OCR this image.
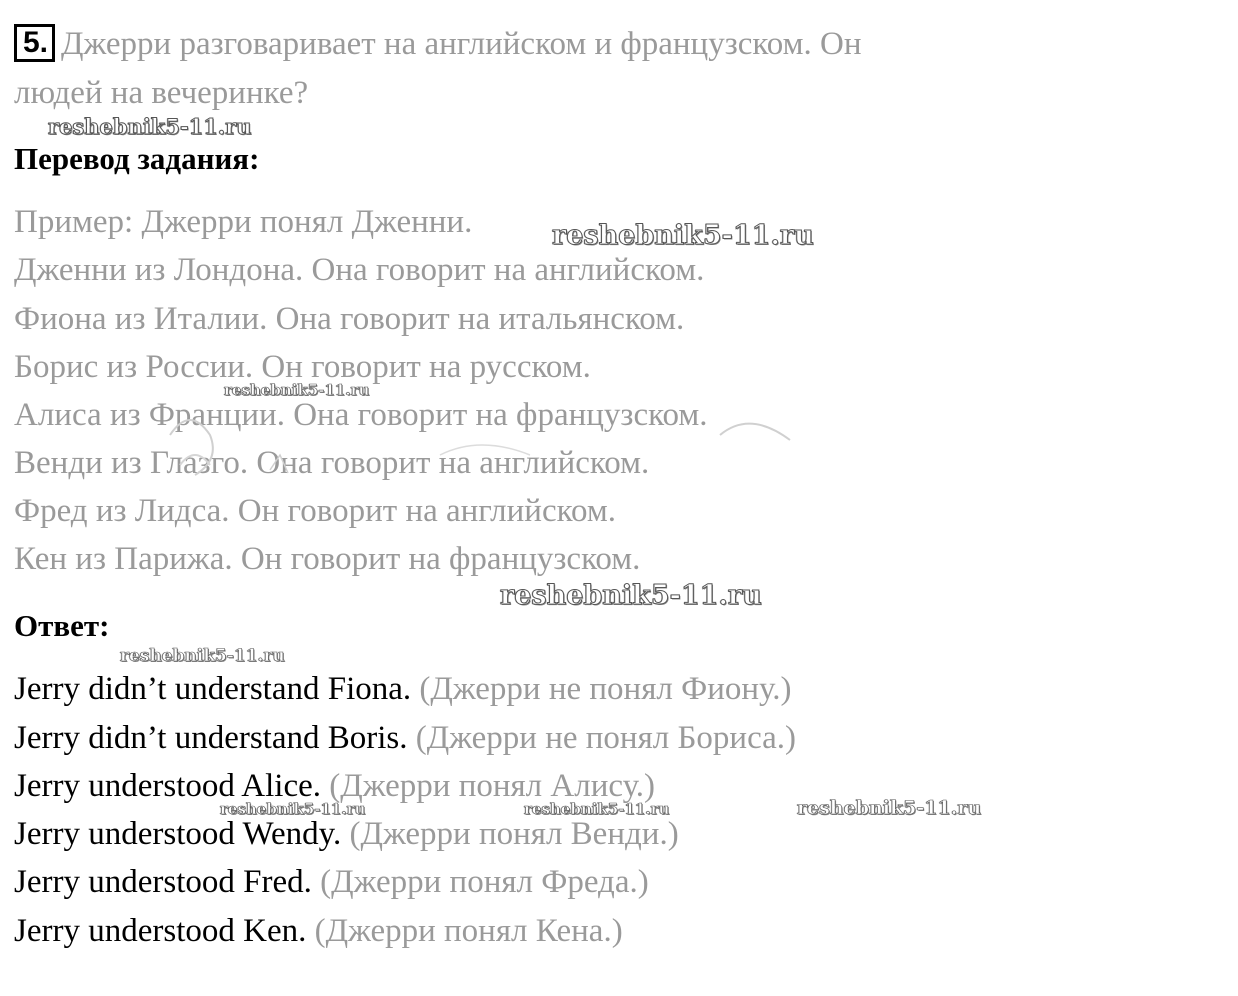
5. Джерри разговаривает на английском и французском. Он
людей на вечеринке?
Перевод задания:
Пример: Джерри понял Дженни.
Дженни из Лондона. Она говорит на английском.
Фиона из Италии. Она говорит на итальянском.
Борис из России. Он говорит на русском.
Алиса из Франции. Она говорит на французском.
Венди из Глазго. Она говорит на английском.
Фред из Лидса. Он говорит на английском.
Кен из Парижа. Он говорит на французском.
Ответ:
Jerry didn’t understand Fiona. (Джерри не понял Фиону.)
Jerry didn’t understand Boris. (Джерри не понял Бориса.)
Jerry understood Alice. (Джерри понял Алису.)
Jerry understood Wendy. (Джерри понял Венди.)
Jerry understood Fred. (Джерри понял Фреда.)
Jerry understood Ken. (Джерри понял Кена.)
reshebnik5-11.ru
reshebnik5-11.ru
reshebnik5-11.ru
reshebnik5-11.ru
reshebnik5-11.ru
reshebnik5-11.ru	reshebnik5-11.ru	reshebnik5-11.ru
